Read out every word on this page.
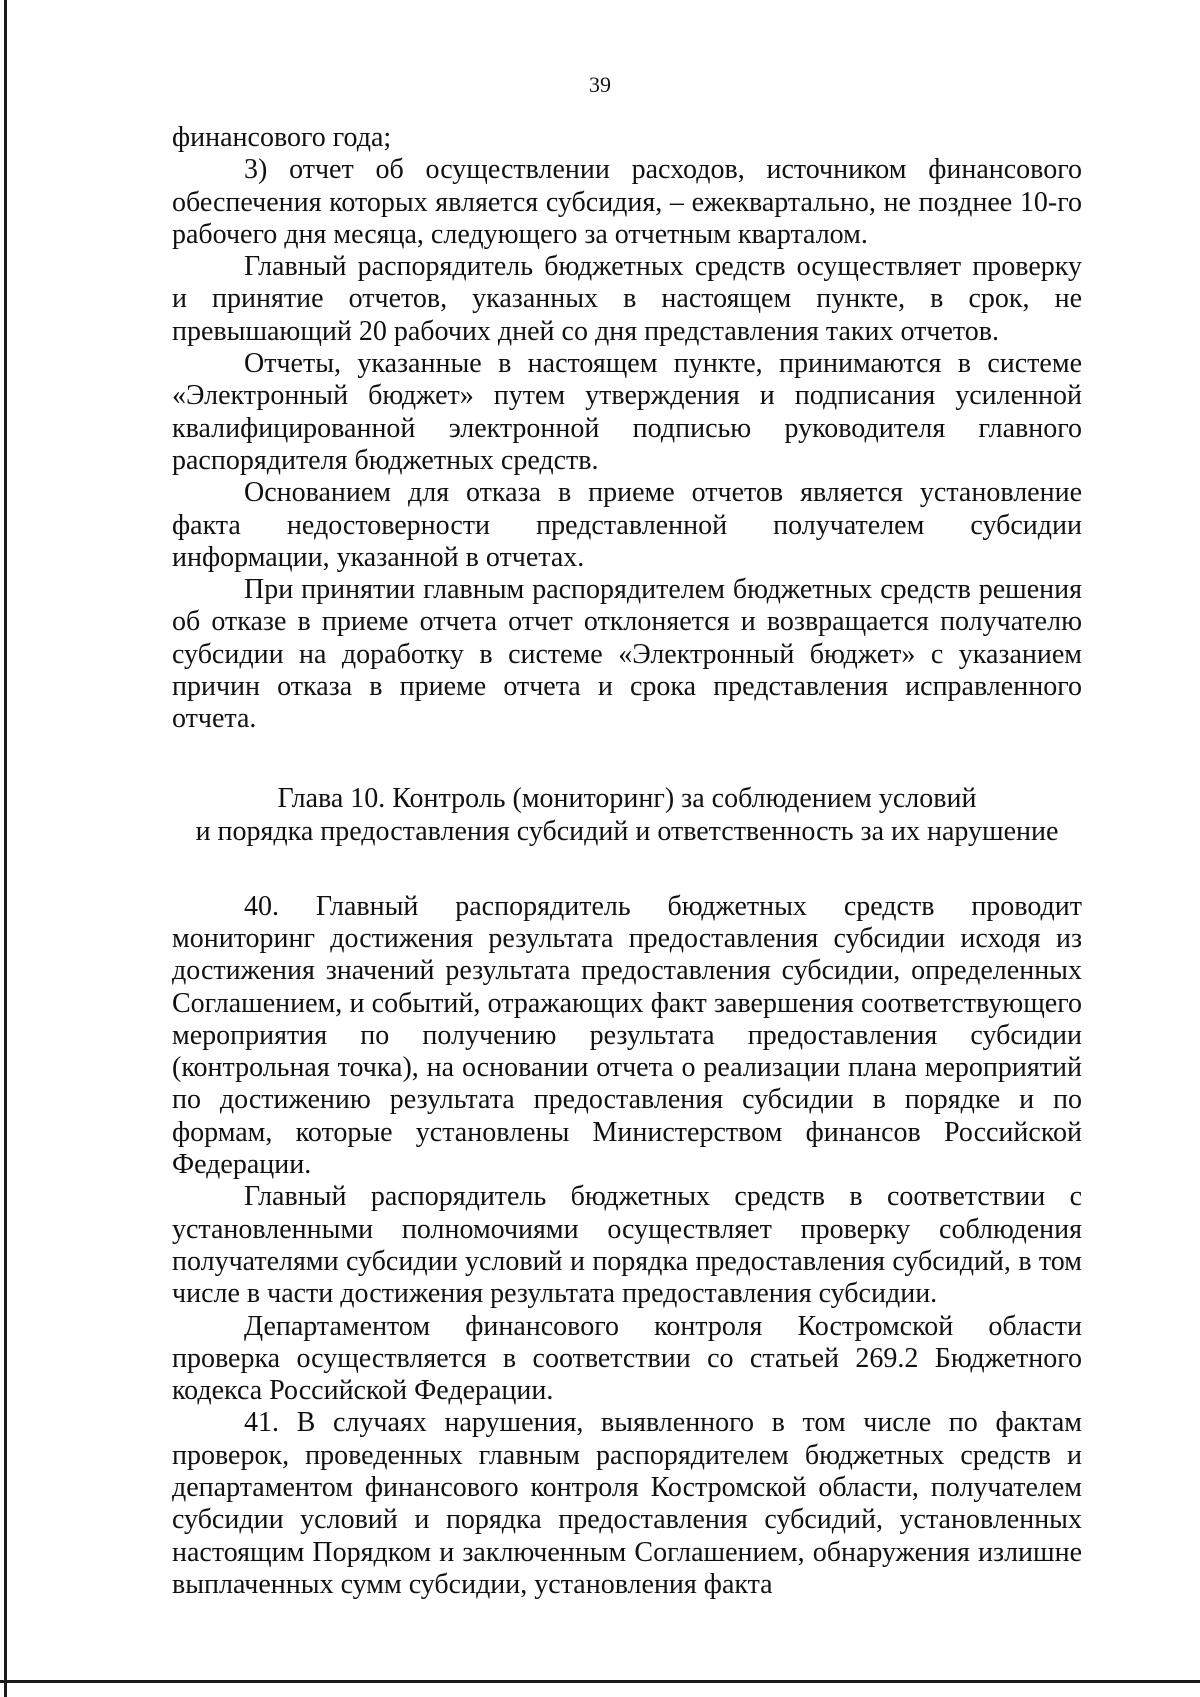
39

финансового года;

3) отчет об осуществлении расходов, источником финансового обеспечения которых является субсидия, – ежеквартально, не позднее 10-го рабочего дня месяца, следующего за отчетным кварталом.

Главный распорядитель бюджетных средств осуществляет проверку и принятие отчетов, указанных в настоящем пункте, в срок, не превышающий 20 рабочих дней со дня представления таких отчетов.

Отчеты, указанные в настоящем пункте, принимаются в системе «Электронный бюджет» путем утверждения и подписания усиленной квалифицированной электронной подписью руководителя главного распорядителя бюджетных средств.

Основанием для отказа в приеме отчетов является установление факта недостоверности представленной получателем субсидии информации, указанной в отчетах.

При принятии главным распорядителем бюджетных средств решения об отказе в приеме отчета отчет отклоняется и возвращается получателю субсидии на доработку в системе «Электронный бюджет» с указанием причин отказа в приеме отчета и срока представления исправленного отчета.

Глава 10. Контроль (мониторинг) за соблюдением условий
и порядка предоставления субсидий и ответственность за их нарушение

40. Главный распорядитель бюджетных средств проводит мониторинг достижения результата предоставления субсидии исходя из достижения значений результата предоставления субсидии, определенных Соглашением, и событий, отражающих факт завершения соответствующего мероприятия по получению результата предоставления субсидии (контрольная точка), на основании отчета о реализации плана мероприятий по достижению результата предоставления субсидии в порядке и по формам, которые установлены Министерством финансов Российской Федерации.

Главный распорядитель бюджетных средств в соответствии с установленными полномочиями осуществляет проверку соблюдения получателями субсидии условий и порядка предоставления субсидий, в том числе в части достижения результата предоставления субсидии.

Департаментом финансового контроля Костромской области проверка осуществляется в соответствии со статьей 269.2 Бюджетного кодекса Российской Федерации.

41. В случаях нарушения, выявленного в том числе по фактам проверок, проведенных главным распорядителем бюджетных средств и департаментом финансового контроля Костромской области, получателем субсидии условий и порядка предоставления субсидий, установленных настоящим Порядком и заключенным Соглашением, обнаружения излишне выплаченных сумм субсидии, установления факта
